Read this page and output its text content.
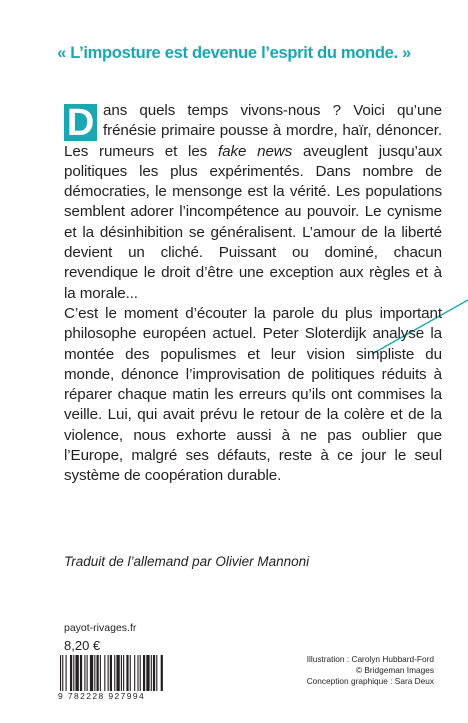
« L’imposture est devenue l’esprit du monde. »

D ans quels temps vivons-nous ? Voici qu’une frénésie primaire pousse à mordre, haïr, dénoncer. Les rumeurs et les fake news aveuglent jusqu’aux politiques les plus expérimentés. Dans nombre de démocraties, le mensonge est la vérité. Les populations semblent adorer l’incompétence au pouvoir. Le cynisme et la désinhibition se généralisent. L’amour de la liberté devient un cliché. Puissant ou dominé, chacun revendique le droit d’être une exception aux règles et à la morale...

C’est le moment d’écouter la parole du plus important philosophe européen actuel. Peter Sloterdijk analyse la montée des populismes et leur vision simpliste du monde, dénonce l’improvisation de politiques réduits à réparer chaque matin les erreurs qu’ils ont commises la veille. Lui, qui avait prévu le retour de la colère et de la violence, nous exhorte aussi à ne pas oublier que l’Europe, malgré ses défauts, reste à ce jour le seul système de coopération durable.

Traduit de l’allemand par Olivier Mannoni
payot-rivages.fr
8,20 €
9 782228 927994
Illustration : Carolyn Hubbard-Ford
© Bridgeman Images
Conception graphique : Sara Deux
